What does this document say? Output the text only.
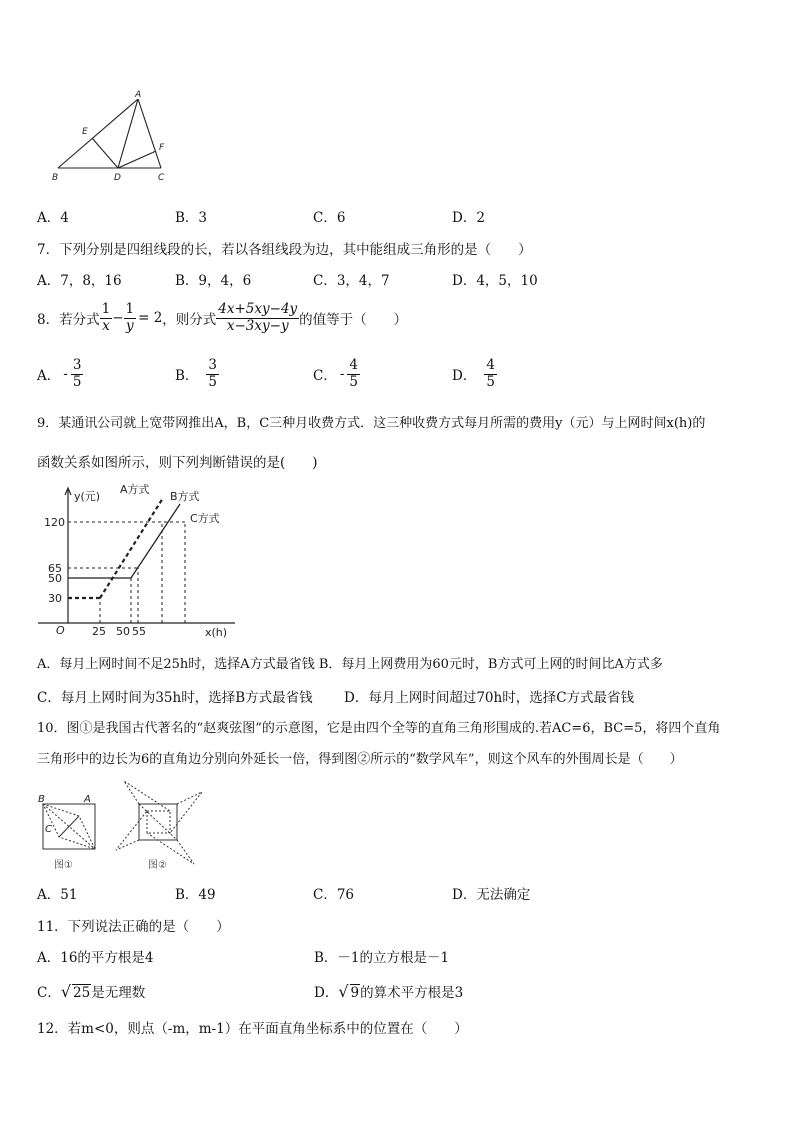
A
E
F
B	D	C
A．4	B．3	C．6	D．2
7．下列分别是四组线段的长，若以各组线段为边，其中能组成三角形的是（　　）
A．7，8，16	B．9，4，6	C．3，4，7	D．4，5，10
8．若分式 $\frac{1}{x} - \frac{1}{y} = 2$ ，则分式 $\frac{4x+5xy-4y}{x-3xy-y}$ 的值等于（　　）
A． - $\frac{3}{5}$	B． $\frac{3}{5}$	C． - $\frac{4}{5}$	D． $\frac{4}{5}$
9．某通讯公司就上宽带网推出A，B，C三种月收费方式．这三种收费方式每月所需的费用y（元）与上网时间x(h)的
函数关系如图所示，则下列判断错误的是(　　)
y(元)
A方式
B方式
C方式
120
65
50
30
O 25 50 55	x(h)
A．每月上网时间不足25h时，选择A方式最省钱 B．每月上网费用为60元时，B方式可上网的时间比A方式多
C．每月上网时间为35h时，选择B方式最省钱 D．每月上网时间超过70h时，选择C方式最省钱
10．图①是我国古代著名的“赵爽弦图”的示意图，它是由四个全等的直角三角形围成的.若AC=6，BC=5，将四个直角
三角形中的边长为6的直角边分别向外延长一倍，得到图②所示的“数学风车”，则这个风车的外围周长是（　　）
B	A
C
图①	图②
A．51	B．49	C．76	D．无法确定
11．下列说法正确的是（　　）
A．16的平方根是4	B．－1的立方根是－1
C．√ 25是无理数	D．√ 9的算术平方根是3
12．若m<0，则点（-m，m-1）在平面直角坐标系中的位置在（　　）
